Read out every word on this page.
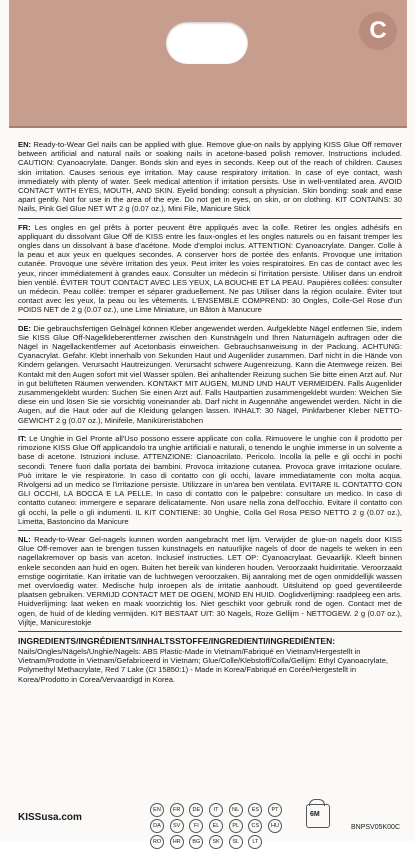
C

EN: Ready-to-Wear Gel nails can be applied with glue. Remove glue-on nails by applying KISS Glue Off remover between artificial and natural nails or soaking nails in acetone-based polish remover. Instructions included. CAUTION: Cyanoacrylate. Danger. Bonds skin and eyes in seconds. Keep out of the reach of children. Causes skin irritation. Causes serious eye irritation. May cause respiratory irritation. In case of eye contact, wash immediately with plenty of water. Seek medical attention if irritation persists. Use in well-ventilated area. AVOID CONTACT WITH EYES, MOUTH, AND SKIN. Eyelid bonding: consult a physician. Skin bonding: soak and ease apart gently. Not for use in the area of the eye. Do not get in eyes, on skin, or on clothing. KIT CONTAINS: 30 Nails, Pink Gel Glue NET WT 2 g (0.07 oz.), Mini File, Manicure Stick

FR: Les ongles en gel prêts à porter peuvent être appliqués avec la colle. Retirer les ongles adhésifs en appliquant du dissolvant Glue Off de KISS entre les faux-ongles et les ongles naturels ou en faisant tremper les ongles dans un dissolvant à base d'acétone. Mode d'emploi inclus. ATTENTION: Cyanoacrylate. Danger. Colle à la peau et aux yeux en quelques secondes. A conserver hors de portée des enfants. Provoque une irritation cutanée. Provoque une sévère irritation des yeux. Peut irriter les voies respiratoires. En cas de contact avec les yeux, rincer immédiatement à grandes eaux. Consulter un médecin si l'irritation persiste. Utiliser dans un endroit bien ventilé. ÉVITER TOUT CONTACT AVEC LES YEUX, LA BOUCHE ET LA PEAU. Paupières collées: consulter un médecin. Peau collée: tremper et séparer graduellement. Ne pas Utiliser dans la région oculaire. Éviter tout contact avec les yeux, la peau ou les vêtements. L'ENSEMBLE COMPREND: 30 Ongles, Colle-Gel Rose d'un POIDS NET de 2 g (0.07 oz.), une Lime Miniature, un Bâton à Manucure

DE: Die gebrauchsfertigen Gelnägel können Kleber angewendet werden. Aufgeklebte Nägel entfernen Sie, indem Sie KISS Glue Off-Nagelkleberentferner zwischen den Kunstnägeln und Ihren Naturnägeln auftragen oder die Nägel in Nagellackentferner auf Acetonbasis einweichen. Gebrauchsanweisung in der Packung. ACHTUNG: Cyanacrylat. Gefahr. Klebt innerhalb von Sekunden Haut und Augenlider zusammen. Darf nicht in die Hände von Kindern gelangen. Verursacht Hautreizungen. Verursacht schwere Augenreizung. Kann die Atemwege reizen. Bei Kontakt mit den Augen sofort mit viel Wasser spülen. Bei anhaltender Reizung suchen Sie bitte einen Arzt auf. Nur in gut belüfteten Räumen verwenden. KONTAKT MIT AUGEN, MUND UND HAUT VERMEIDEN. Falls Augenlider zusammengeklebt wurden: Suchen Sie einen Arzt auf. Falls Hautpartien zusammengeklebt wurden: Weichen Sie diese ein und lösen Sie sie vorsichtig voneinander ab. Darf nicht in Augennähe angewendet werden. Nicht in die Augen, auf die Haut oder auf die Kleidung gelangen lassen. INHALT: 30 Nägel, Pinkfarbener Kleber NETTO-GEWICHT 2 g (0.07 oz.), Minifeile, Maniküreristäbchen

IT: Le Unghie in Gel Pronte all'Uso possono essere applicate con colla. Rimuovere le unghie con il prodotto per rimozione KISS Glue Off applicandolo tra unghie artificiali e naturali, o tenendo le unghie immerse in un solvente a base di acetone. Istruzioni incluse. ATTENZIONE: Cianoacrilato. Pericolo. Incolla la pelle e gli occhi in pochi secondi. Tenere fuori dalla portata dei bambini. Provoca irritazione cutanea. Provoca grave irritazione oculare. Può irritare le vie respiratorie. In caso di contatto con gli occhi, lavare immediatamente con molta acqua. Rivolgersi ad un medico se l'irritazione persiste. Utilizzare in un'area ben ventilata. EVITARE IL CONTATTO CON GLI OCCHI, LA BOCCA E LA PELLE. In caso di contatto con le palpebre: consultare un medico. In caso di contatto cutaneo: immergere e separare delicatamente. Non usare nella zona dell'occhio. Evitare il contatto con gli occhi, la pelle o gli indumenti. IL KIT CONTIENE: 30 Unghie, Colla Gel Rosa PESO NETTO 2 g (0.07 oz.), Limetta, Bastoncino da Manicure

NL: Ready-to-Wear Gel-nagels kunnen worden aangebracht met lijm. Verwijder de glue-on nagels door KISS Glue Off-remover aan te brengen tussen kunstnagels en natuurlijke nagels of door de nagels te weken in een nagellakremover op basis van aceton. Inclusief instructies. LET OP: Cyanoacrylaat. Gevaarlijk. Kleeft binnen enkele seconden aan huid en ogen. Buiten het bereik van kinderen houden. Veroorzaakt huidirritatie. Veroorzaakt ernstige oogirritatie. Kan irritatie van de luchtwegen veroorzaken. Bij aanraking met de ogen onmiddellijk wassen met overvloedig water. Medische hulp inroepen als de irritatie aanhoudt. Uitsluitend op goed geventileerde plaatsen gebruiken. VERMIJD CONTACT MET DE OGEN, MOND EN HUID. Ooglidverlijming: raadpleeg een arts. Huidverlijming: laat weken en maak voorzichtig los. Niet geschikt voor gebruik rond de ogen. Contact met de ogen, de huid of de kleding vermijden. KIT BESTAAT UIT: 30 Nagels, Roze Gellijm - NETTOGEW. 2 g (0.07 oz.), Vijltje, Manicurestokje

INGREDIENTS/INGRÉDIENTS/INHALTSSTOFFE/INGREDIENTI/INGREDIËNTEN:

Nails/Ongles/Nägels/Unghie/Nagels: ABS Plastic-Made in Vietnam/Fabriqué en Vietnam/Hergestellt in Vietnam/Prodotte in Vietnam/Gefabriceerd in Vietnam; Glue/Colle/Klebstoff/Colla/Gellijm: Ethyl Cyanoacrylate, Polymethyl Methacrylate, Red 7 Lake (CI 15850:1) - Made in Korea/Fabriqué en Corée/Hergestellt in Korea/Prodotto in Corea/Vervaardigd in Korea.

KISSusa.com
EN FR DE IT NL ES PT DA SV FI	EL PL CS HU RO HR BG SK SL LT
6M
BNPSV05K00C
